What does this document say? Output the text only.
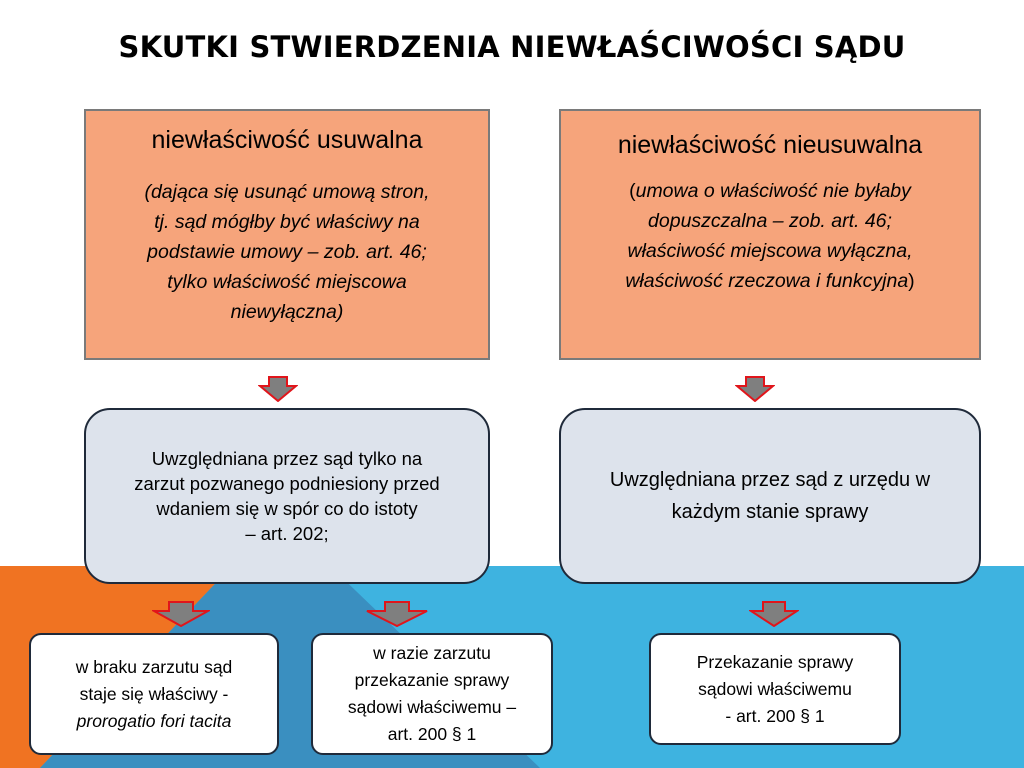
SKUTKI STWIERDZENIA NIEWŁAŚCIWOŚCI SĄDU
niewłaściwość usuwalna
(dająca się usunąć umową stron,
tj. sąd mógłby być właściwy na
podstawie umowy – zob. art. 46;
tylko właściwość miejscowa
niewyłączna)
niewłaściwość nieusuwalna
(umowa o właściwość nie byłaby
dopuszczalna – zob. art. 46;
właściwość miejscowa wyłączna,
właściwość rzeczowa i funkcyjna)
Uwzględniana przez sąd tylko na
zarzut pozwanego podniesiony przed
wdaniem się w spór co do istoty
– art. 202;
Uwzględniana przez sąd z urzędu w
każdym stanie sprawy
w braku zarzutu sąd
staje się właściwy -
prorogatio fori tacita
w razie zarzutu
przekazanie sprawy
sądowi właściwemu –
art. 200 § 1
Przekazanie sprawy
sądowi właściwemu
- art. 200 § 1
